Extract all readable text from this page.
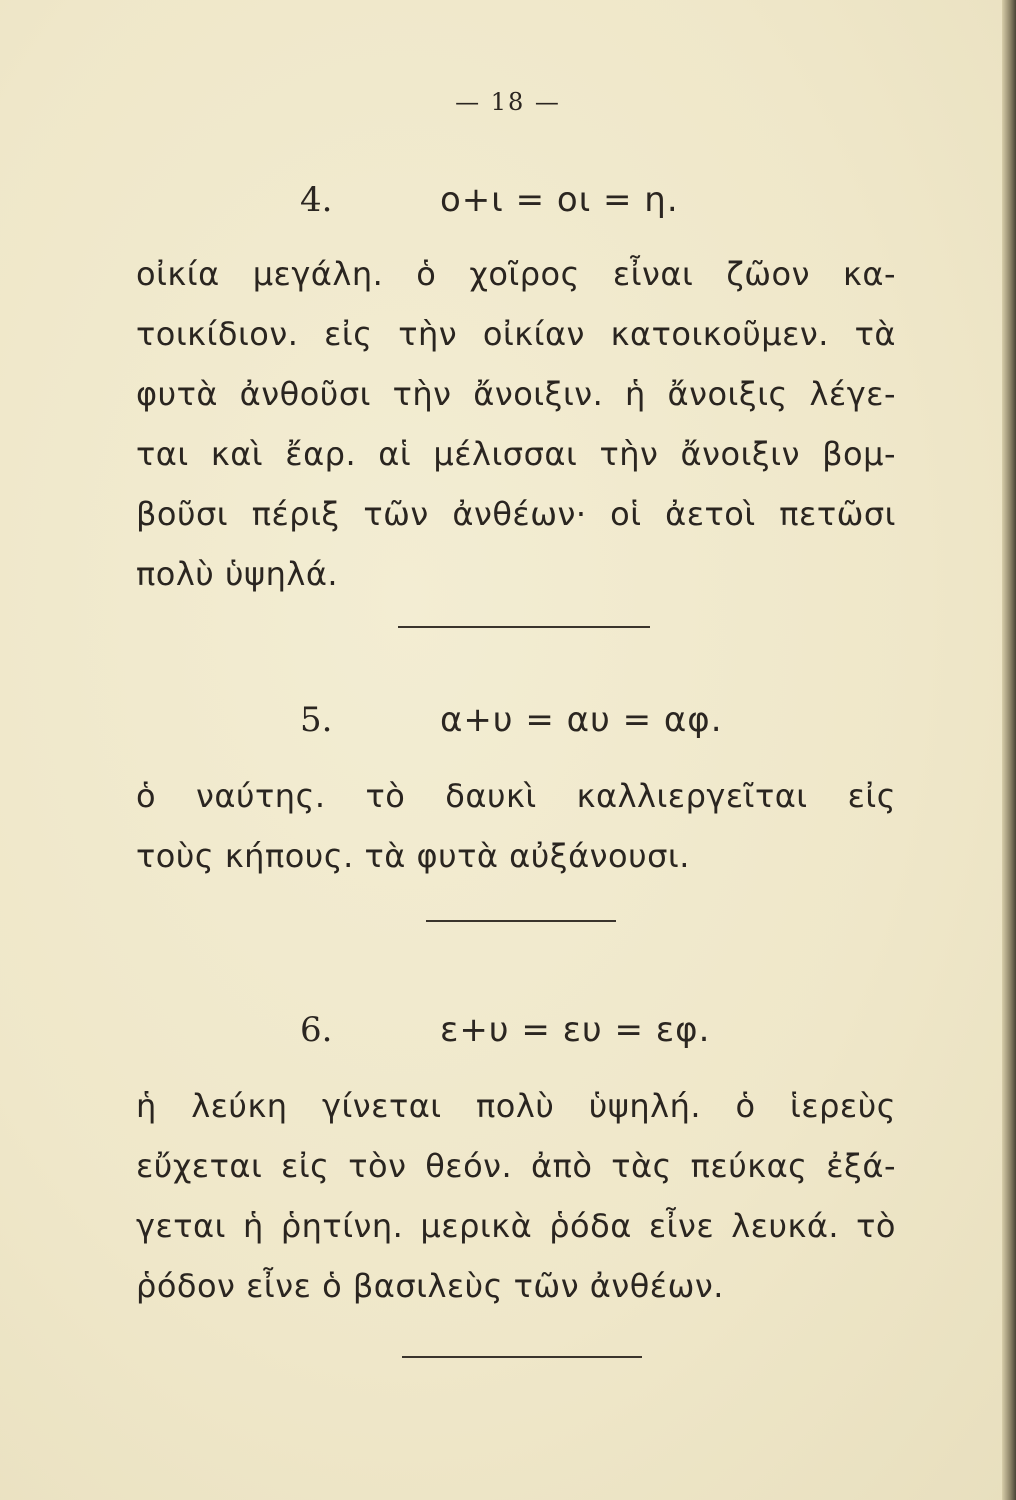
— 18 —
4.	ο+ι = οι = η.
οἰκία μεγάλη. ὁ χοῖρος εἶναι ζῶον κα-
τοικίδιον. εἰς τὴν οἰκίαν κατοικοῦμεν. τὰ
φυτὰ ἀνθοῦσι τὴν ἄνοιξιν. ἡ ἄνοιξις λέγε-
ται καὶ ἔαρ. αἱ μέλισσαι τὴν ἄνοιξιν βομ-
βοῦσι πέριξ τῶν ἀνθέων· οἱ ἀετοὶ πετῶσι
πολὺ ὑψηλά.
5.	α+υ = αυ = αφ.
ὁ ναύτης. τὸ δαυκὶ καλλιεργεῖται εἰς
τοὺς κήπους. τὰ φυτὰ αὐξάνουσι.
6.	ε+υ = ευ = εφ.
ἡ λεύκη γίνεται πολὺ ὑψηλή. ὁ ἱερεὺς
εὔχεται εἰς τὸν θεόν. ἀπὸ τὰς πεύκας ἐξά-
γεται ἡ ῥητίνη. μερικὰ ῥόδα εἶνε λευκά. τὸ
ῥόδον εἶνε ὁ βασιλεὺς τῶν ἀνθέων.
